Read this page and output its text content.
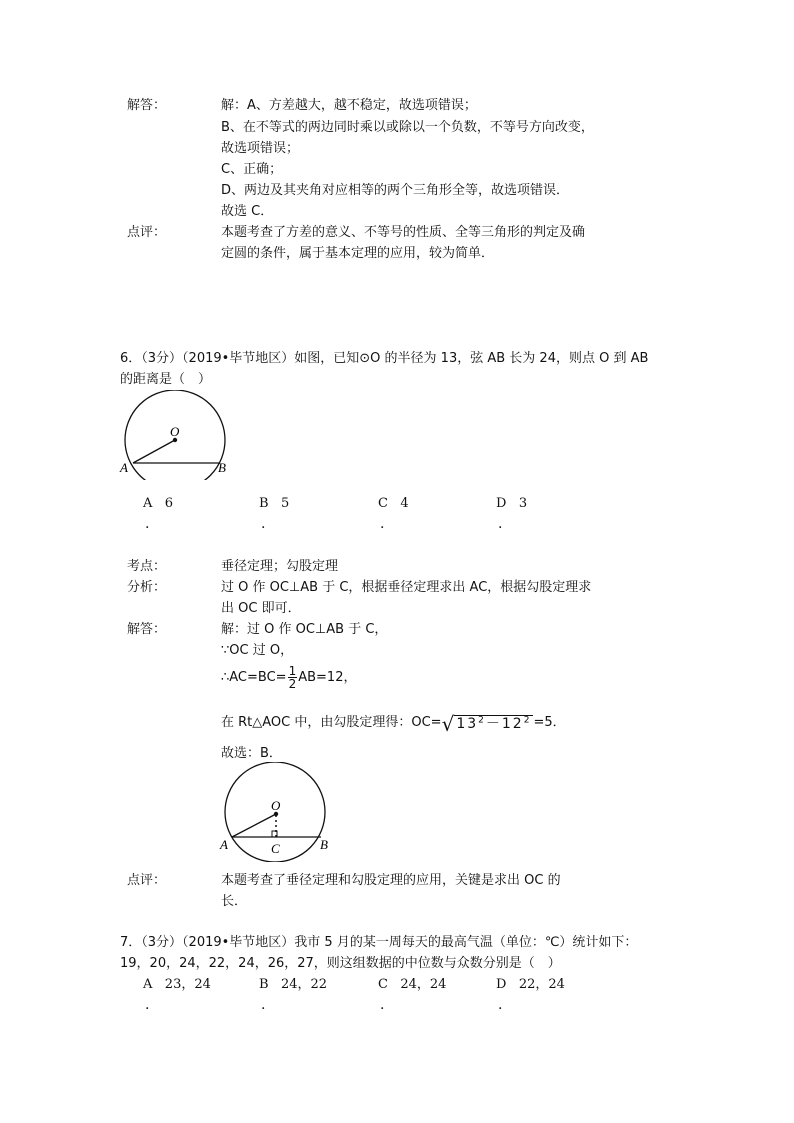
解答：	解：A、方差越大，越不稳定，故选项错误；
B、在不等式的两边同时乘以或除以一个负数，不等号方向改变，
故选项错误；
C、正确；
D、两边及其夹角对应相等的两个三角形全等，故选项错误．
故选 C．
点评：	本题考查了方差的意义、不等号的性质、全等三角形的判定及确
定圆的条件，属于基本定理的应用，较为简单．
6．（3分）（2019•毕节地区）如图，已知⊙O 的半径为 13，弦 AB 长为 24，则点 O 到 AB
的距离是（　）
O
A	B
A 6
.
B 5
.
C 4
.
D 3
.
考点：	垂径定理；勾股定理
分析：	过 O 作 OC⊥AB 于 C，根据垂径定理求出 AC，根据勾股定理求
出 OC 即可．
解答：	解：过 O 作 OC⊥AB 于 C，
∵OC 过 O，
∴AC=BC= $\frac{1}{2} AB=12$，
在 Rt△AOC 中，由勾股定理得：OC=√ $13^2-12^2 =5$．
故选：B．
O
A	B
C
点评：	本题考查了垂径定理和勾股定理的应用，关键是求出 OC 的
长．
7．（3分）（2019•毕节地区）我市 5 月的某一周每天的最高气温（单位：℃）统计如下：
19，20，24，22，24，26，27，则这组数据的中位数与众数分别是（　）
A 23，24
.
B 24，22
.
C 24，24
.
D 22，24
.
